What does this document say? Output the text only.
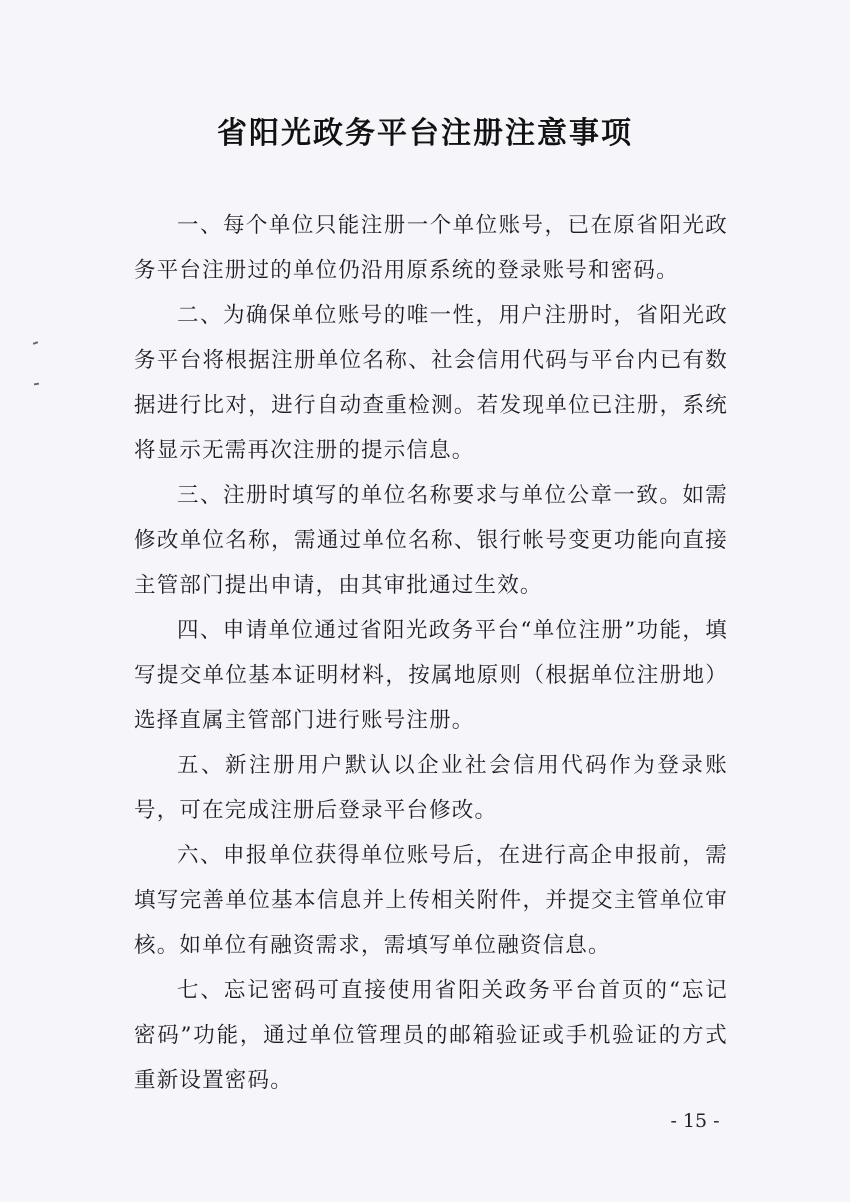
省阳光政务平台注册注意事项

一、每个单位只能注册一个单位账号，已在原省阳光政务平台注册过的单位仍沿用原系统的登录账号和密码。

二、为确保单位账号的唯一性，用户注册时，省阳光政务平台将根据注册单位名称、社会信用代码与平台内已有数据进行比对，进行自动查重检测。若发现单位已注册，系统将显示无需再次注册的提示信息。

三、注册时填写的单位名称要求与单位公章一致。如需修改单位名称，需通过单位名称、银行帐号变更功能向直接主管部门提出申请，由其审批通过生效。

四、申请单位通过省阳光政务平台“单位注册”功能，填写提交单位基本证明材料，按属地原则（根据单位注册地）选择直属主管部门进行账号注册。

五、新注册用户默认以企业社会信用代码作为登录账号，可在完成注册后登录平台修改。

六、申报单位获得单位账号后，在进行高企申报前，需填写完善单位基本信息并上传相关附件，并提交主管单位审核。如单位有融资需求，需填写单位融资信息。

七、忘记密码可直接使用省阳关政务平台首页的“忘记密码”功能，通过单位管理员的邮箱验证或手机验证的方式重新设置密码。

- 15 -
